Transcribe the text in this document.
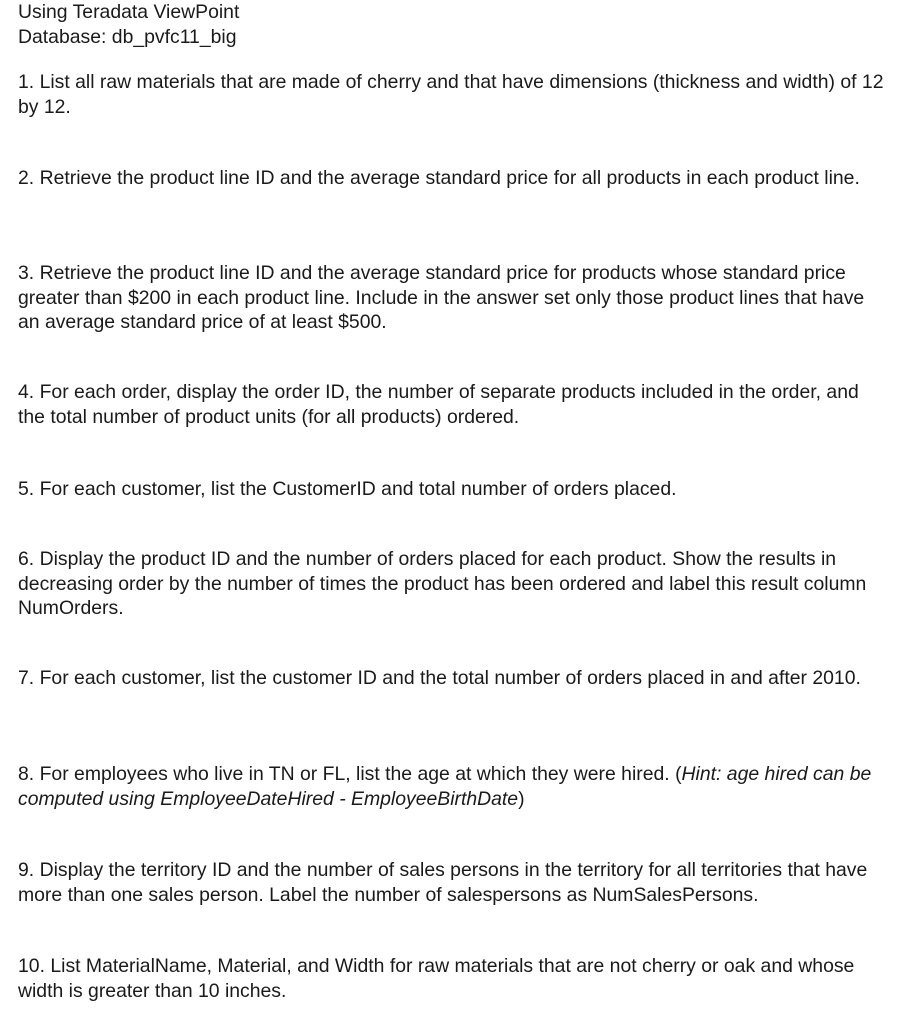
Using Teradata ViewPoint
Database: db_pvfc11_big
1. List all raw materials that are made of cherry and that have dimensions (thickness and width) of 12 by 12.
2. Retrieve the product line ID and the average standard price for all products in each product line.
3. Retrieve the product line ID and the average standard price for products whose standard price greater than $200 in each product line. Include in the answer set only those product lines that have an average standard price of at least $500.
4. For each order, display the order ID, the number of separate products included in the order, and the total number of product units (for all products) ordered.
5. For each customer, list the CustomerID and total number of orders placed.
6. Display the product ID and the number of orders placed for each product. Show the results in decreasing order by the number of times the product has been ordered and label this result column NumOrders.
7. For each customer, list the customer ID and the total number of orders placed in and after 2010.
8. For employees who live in TN or FL, list the age at which they were hired. (Hint: age hired can be computed using EmployeeDateHired - EmployeeBirthDate)
9. Display the territory ID and the number of sales persons in the territory for all territories that have more than one sales person. Label the number of salespersons as NumSalesPersons.
10. List MaterialName, Material, and Width for raw materials that are not cherry or oak and whose width is greater than 10 inches.
